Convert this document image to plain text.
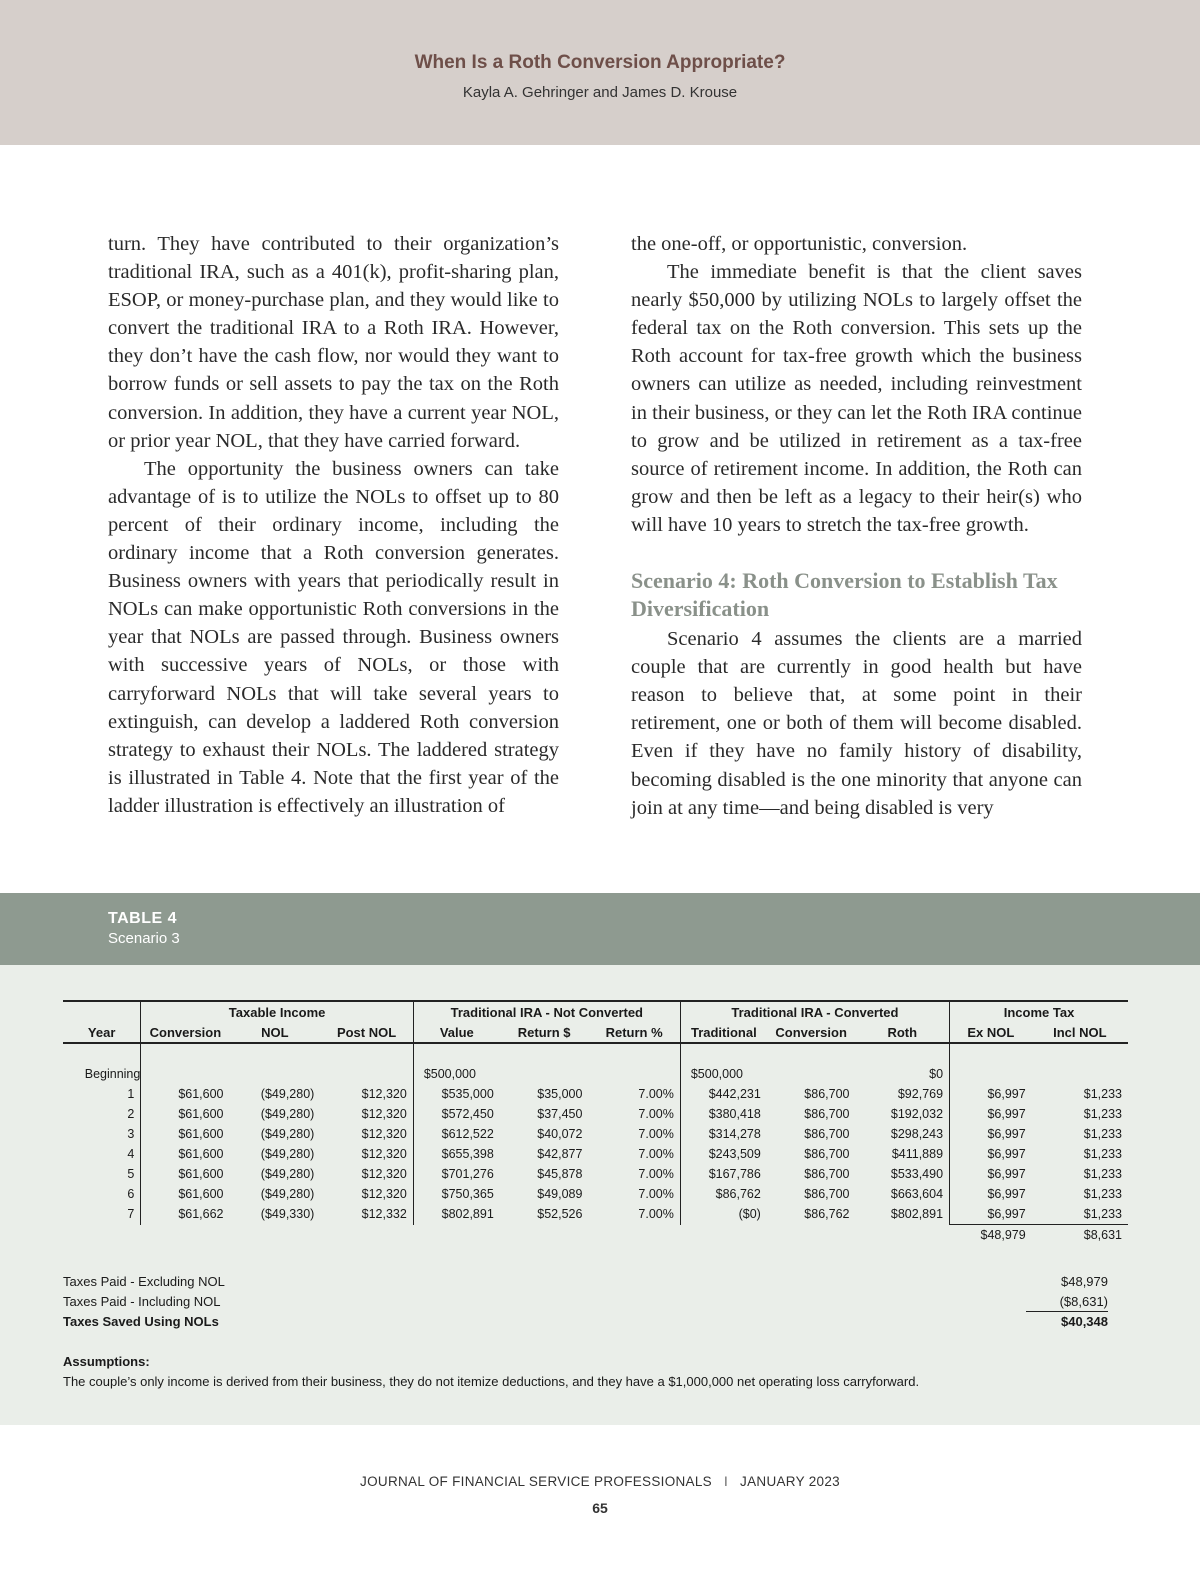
When Is a Roth Conversion Appropriate?
Kayla A. Gehringer and James D. Krouse

turn. They have contributed to their organization’s traditional IRA, such as a 401(k), profit-sharing plan, ESOP, or money-purchase plan, and they would like to convert the traditional IRA to a Roth IRA. However, they don’t have the cash flow, nor would they want to borrow funds or sell assets to pay the tax on the Roth conversion. In addition, they have a current year NOL, or prior year NOL, that they have carried forward.

The opportunity the business owners can take advantage of is to utilize the NOLs to offset up to 80 percent of their ordinary income, including the ordinary income that a Roth conversion generates. Business owners with years that periodically result in NOLs can make opportunistic Roth conversions in the year that NOLs are passed through. Business owners with successive years of NOLs, or those with carryforward NOLs that will take several years to extinguish, can develop a laddered Roth conversion strategy to exhaust their NOLs. The laddered strategy is illustrated in Table 4. Note that the first year of the ladder illustration is effectively an illustration of

the one-off, or opportunistic, conversion.

The immediate benefit is that the client saves nearly $50,000 by utilizing NOLs to largely offset the federal tax on the Roth conversion. This sets up the Roth account for tax-free growth which the business owners can utilize as needed, including reinvestment in their business, or they can let the Roth IRA continue to grow and be utilized in retirement as a tax-free source of retirement income. In addition, the Roth can grow and then be left as a legacy to their heir(s) who will have 10 years to stretch the tax-free growth.

Scenario 4: Roth Conversion to Establish Tax Diversification

Scenario 4 assumes the clients are a married couple that are currently in good health but have reason to believe that, at some point in their retirement, one or both of them will become disabled. Even if they have no family history of disability, becoming disabled is the one minority that anyone can join at any time—and being disabled is very

TABLE 4
Scenario 3
	Taxable Income			Traditional IRA - Not Converted			Traditional IRA - Converted			Income Tax	
Year	Conversion	NOL	Post NOL	Value	Return $	Return %	Traditional	Conversion	Roth	Ex NOL	Incl NOL

Beginning				$500,000			$500,000		$0		
1	$61,600	($49,280)	$12,320	$535,000	$35,000	7.00%	$442,231	$86,700	$92,769	$6,997	$1,233
2	$61,600	($49,280)	$12,320	$572,450	$37,450	7.00%	$380,418	$86,700	$192,032	$6,997	$1,233
3	$61,600	($49,280)	$12,320	$612,522	$40,072	7.00%	$314,278	$86,700	$298,243	$6,997	$1,233
4	$61,600	($49,280)	$12,320	$655,398	$42,877	7.00%	$243,509	$86,700	$411,889	$6,997	$1,233
5	$61,600	($49,280)	$12,320	$701,276	$45,878	7.00%	$167,786	$86,700	$533,490	$6,997	$1,233
6	$61,600	($49,280)	$12,320	$750,365	$49,089	7.00%	$86,762	$86,700	$663,604	$6,997	$1,233
7	$61,662	($49,330)	$12,332	$802,891	$52,526	7.00%	($0)	$86,762	$802,891	$6,997	$1,233
										$48,979	$8,631
Taxes Paid - Excluding NOL	$48,979
Taxes Paid - Including NOL	($8,631)
Taxes Saved Using NOLs	$40,348
Assumptions:
The couple’s only income is derived from their business, they do not itemize deductions, and they have a $1,000,000 net operating loss carryforward.
JOURNAL OF FINANCIAL SERVICE PROFESSIONALS I JANUARY 2023
65
